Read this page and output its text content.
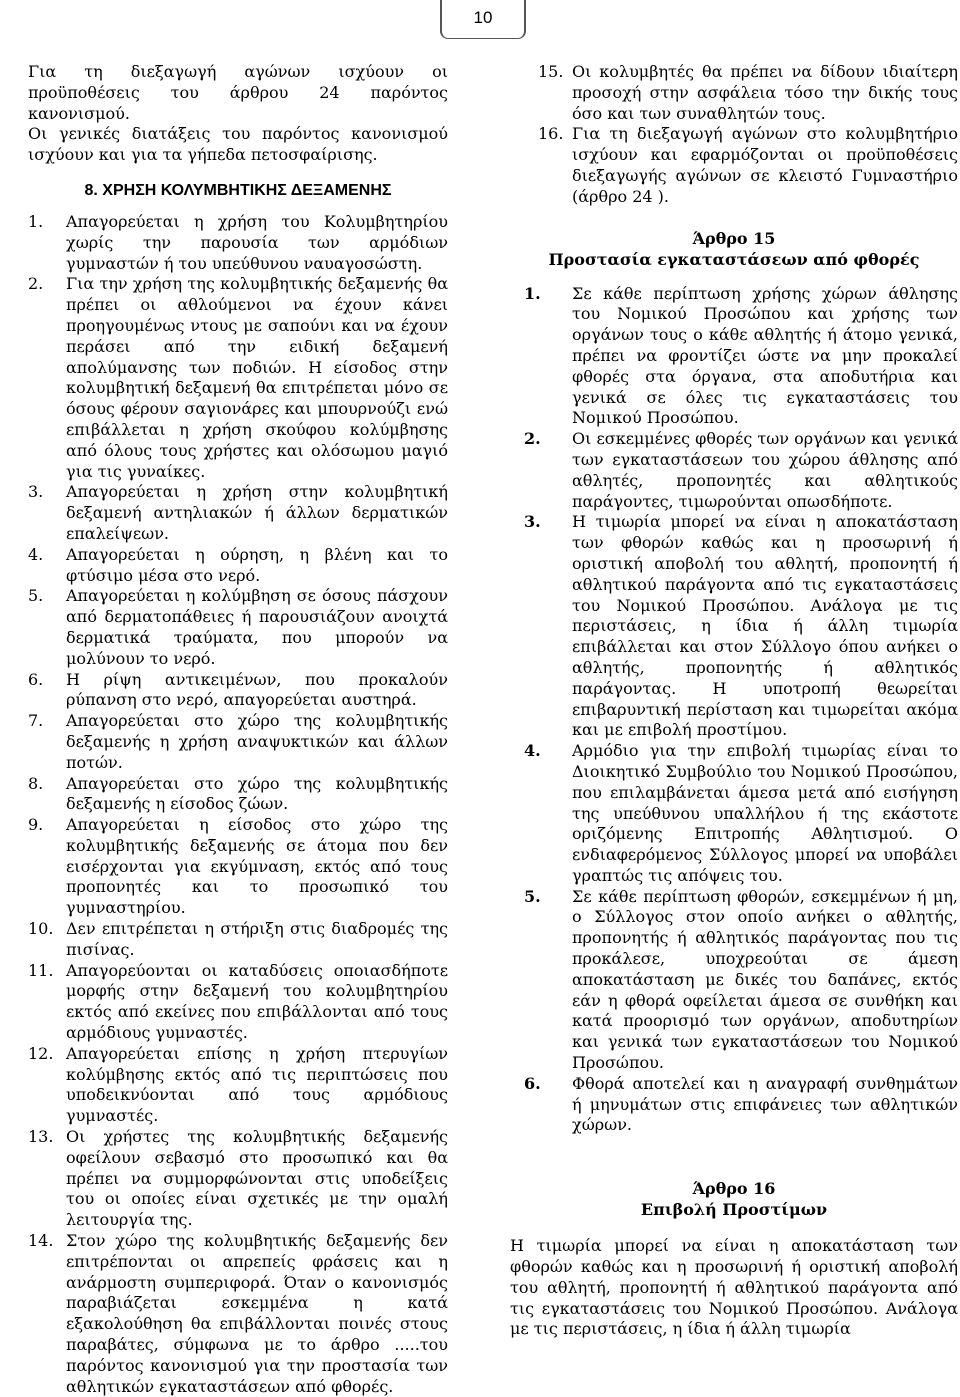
10

Για τη διεξαγωγή αγώνων ισχύουν οι προϋποθέσεις του άρθρου 24 παρόντος κανονισμού.

Οι γενικές διατάξεις του παρόντος κανονισμού ισχύουν και για τα γήπεδα πετοσφαίρισης.

8. ΧΡΗΣΗ ΚΟΛΥΜΒΗΤΙΚΗΣ ΔΕΞΑΜΕΝΗΣ
1.	Απαγορεύεται η χρήση του Κολυμβητηρίου χωρίς την παρουσία των αρμόδιων γυμναστών ή του υπεύθυνου ναυαγοσώστη.
2.	Για την χρήση της κολυμβητικής δεξαμενής θα πρέπει οι αθλούμενοι να έχουν κάνει προηγουμένως ντους με σαπούνι και να έχουν περάσει από την ειδική δεξαμενή απολύμανσης των ποδιών. Η είσοδος στην κολυμβητική δεξαμενή θα επιτρέπεται μόνο σε όσους φέρουν σαγιονάρες και μπουρνούζι ενώ επιβάλλεται η χρήση σκούφου κολύμβησης από όλους τους χρήστες και ολόσωμου μαγιό για τις γυναίκες.
3.	Απαγορεύεται η χρήση στην κολυμβητική δεξαμενή αντηλιακών ή άλλων δερματικών επαλείψεων.
4.	Απαγορεύεται η ούρηση, η βλένη και το φτύσιμο μέσα στο νερό.
5.	Απαγορεύεται η κολύμβηση σε όσους πάσχουν από δερματοπάθειες ή παρουσιάζουν ανοιχτά δερματικά τραύματα, που μπορούν να μολύνουν το νερό.
6.	Η ρίψη αντικειμένων, που προκαλούν ρύπανση στο νερό, απαγορεύεται αυστηρά.
7.	Απαγορεύεται στο χώρο της κολυμβητικής δεξαμενής η χρήση αναψυκτικών και άλλων ποτών.
8.	Απαγορεύεται στο χώρο της κολυμβητικής δεξαμενής η είσοδος ζώων.
9.	Απαγορεύεται η είσοδος στο χώρο της κολυμβητικής δεξαμενής σε άτομα που δεν εισέρχονται για εκγύμναση, εκτός από τους προπονητές και το προσωπικό του γυμναστηρίου.
10. Δεν επιτρέπεται η στήριξη στις διαδρομές της πισίνας.
11. Απαγορεύονται οι καταδύσεις οποιασδήποτε μορφής στην δεξαμενή του κολυμβητηρίου εκτός από εκείνες που επιβάλλονται από τους αρμόδιους γυμναστές.
12. Απαγορεύεται επίσης η χρήση πτερυγίων κολύμβησης εκτός από τις περιπτώσεις που υποδεικνύονται από τους αρμόδιους γυμναστές.
13. Οι χρήστες της κολυμβητικής δεξαμενής οφείλουν σεβασμό στο προσωπικό και θα πρέπει να συμμορφώνονται στις υποδείξεις του οι οποίες είναι σχετικές με την ομαλή λειτουργία της.
14. Στον χώρο της κολυμβητικής δεξαμενής δεν επιτρέπονται οι απρεπείς φράσεις και η ανάρμοστη συμπεριφορά. Όταν ο κανονισμός παραβιάζεται εσκεμμένα η κατά εξακολούθηση θα επιβάλλονται ποινές στους παραβάτες, σύμφωνα με το άρθρο .....του παρόντος κανονισμού για την προστασία των αθλητικών εγκαταστάσεων από φθορές.
15. Οι κολυμβητές θα πρέπει να δίδουν ιδιαίτερη προσοχή στην ασφάλεια τόσο την δικής τους όσο και των συναθλητών τους.
16. Για τη διεξαγωγή αγώνων στο κολυμβητήριο ισχύουν και εφαρμόζονται οι προϋποθέσεις διεξαγωγής αγώνων σε κλειστό Γυμναστήριο (άρθρο 24 ).
Άρθρο 15
Προστασία εγκαταστάσεων από φθορές
1.	Σε κάθε περίπτωση χρήσης χώρων άθλησης του Νομικού Προσώπου και χρήσης των οργάνων τους ο κάθε αθλητής ή άτομο γενικά, πρέπει να φροντίζει ώστε να μην προκαλεί φθορές στα όργανα, στα αποδυτήρια και γενικά σε όλες τις εγκαταστάσεις του Νομικού Προσώπου.
2.	Οι εσκεμμένες φθορές των οργάνων και γενικά των εγκαταστάσεων του χώρου άθλησης από αθλητές, προπονητές και αθλητικούς παράγοντες, τιμωρούνται οπωσδήποτε.
3.	Η τιμωρία μπορεί να είναι η αποκατάσταση των φθορών καθώς και η προσωρινή ή οριστική αποβολή του αθλητή, προπονητή ή αθλητικού παράγοντα από τις εγκαταστάσεις του Νομικού Προσώπου. Ανάλογα με τις περιστάσεις, η ίδια ή άλλη τιμωρία επιβάλλεται και στον Σύλλογο όπου ανήκει ο αθλητής, προπονητής ή αθλητικός παράγοντας. Η υποτροπή θεωρείται επιβαρυντική περίσταση και τιμωρείται ακόμα και με επιβολή προστίμου.
4.	Αρμόδιο για την επιβολή τιμωρίας είναι το Διοικητικό Συμβούλιο του Νομικού Προσώπου, που επιλαμβάνεται άμεσα μετά από εισήγηση της υπεύθυνου υπαλλήλου ή της εκάστοτε οριζόμενης Επιτροπής Αθλητισμού. Ο ενδιαφερόμενος Σύλλογος μπορεί να υποβάλει γραπτώς τις απόψεις του.
5.	Σε κάθε περίπτωση φθορών, εσκεμμένων ή μη, ο Σύλλογος στον οποίο ανήκει ο αθλητής, προπονητής ή αθλητικός παράγοντας που τις προκάλεσε, υποχρεούται σε άμεση αποκατάσταση με δικές του δαπάνες, εκτός εάν η φθορά οφείλεται άμεσα σε συνθήκη και κατά προορισμό των οργάνων, αποδυτηρίων και γενικά των εγκαταστάσεων του Νομικού Προσώπου.
6.	Φθορά αποτελεί και η αναγραφή συνθημάτων ή μηνυμάτων στις επιφάνειες των αθλητικών χώρων.
Άρθρο 16
Επιβολή Προστίμων

Η τιμωρία μπορεί να είναι η αποκατάσταση των φθορών καθώς και η προσωρινή ή οριστική αποβολή του αθλητή, προπονητή ή αθλητικού παράγοντα από τις εγκαταστάσεις του Νομικού Προσώπου. Ανάλογα με τις περιστάσεις, η ίδια ή άλλη τιμωρία
